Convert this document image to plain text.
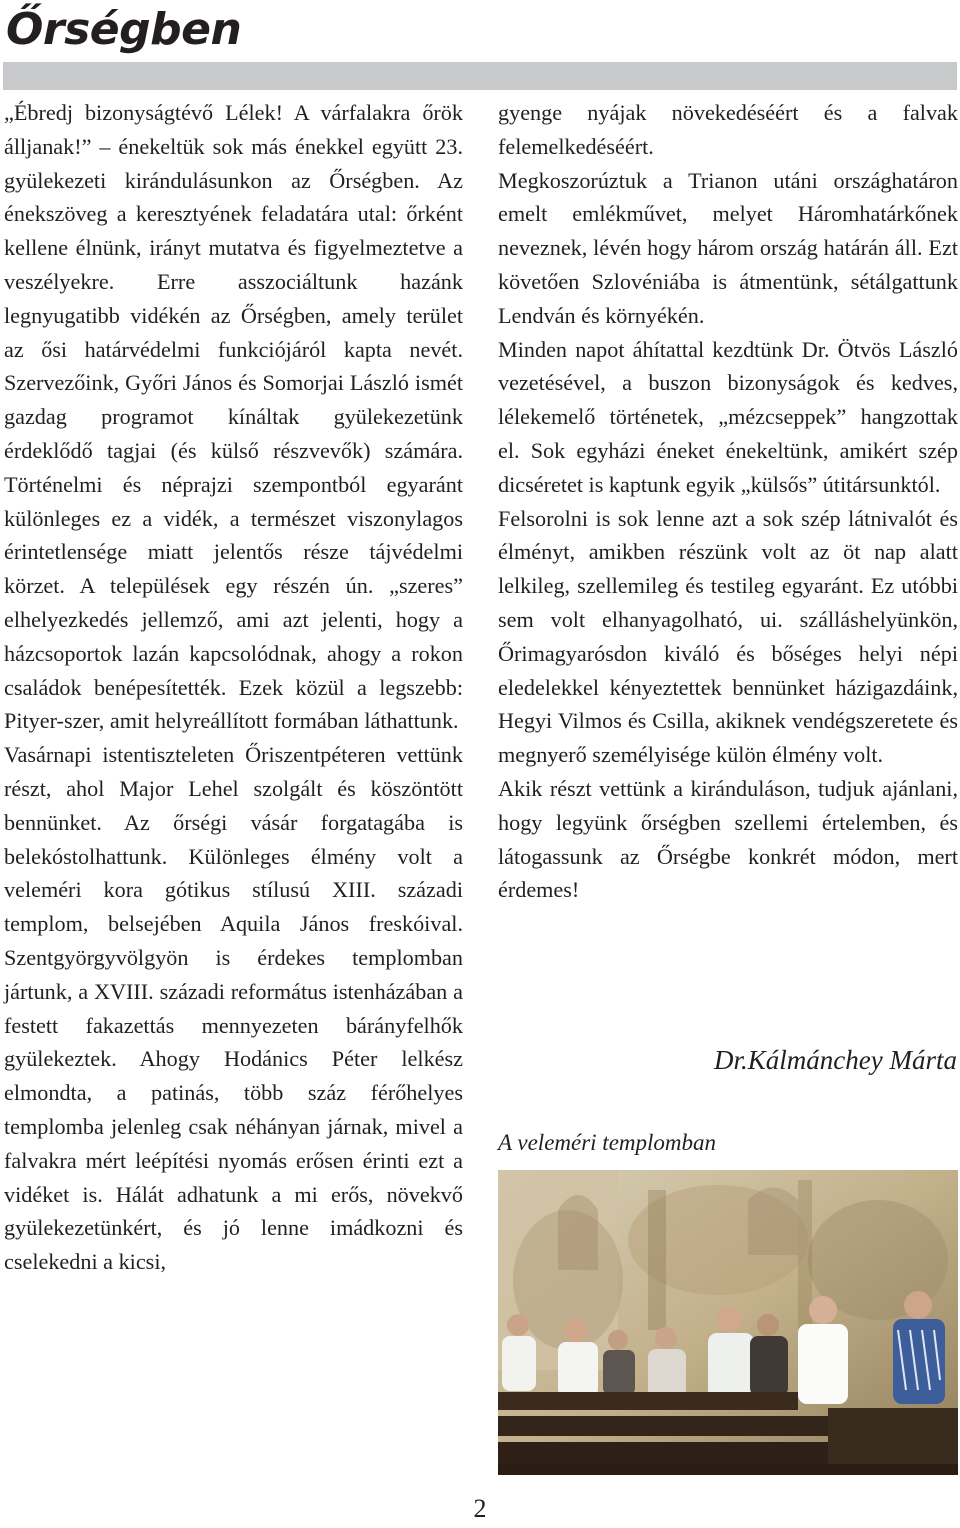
Őrségben

„Ébredj bizonyságtévő Lélek! A várfalakra őrök álljanak!” – énekeltük sok más énekkel együtt 23. gyülekezeti kirándulásunkon az Őrségben. Az énekszöveg a keresztyének feladatára utal: őrként kellene élnünk, irányt mutatva és figyelmeztetve a veszélyekre. Erre asszociáltunk hazánk legnyugatibb vidékén az Őrségben, amely terület az ősi határvédelmi funkciójáról kapta nevét. Szervezőink, Győri János és Somorjai László ismét gazdag programot kínáltak gyülekezetünk érdeklődő tagjai (és külső részvevők) számára. Történelmi és néprajzi szempontból egyaránt különleges ez a vidék, a természet viszonylagos érintetlensége miatt jelentős része tájvédelmi körzet. A települések egy részén ún. „szeres” elhelyezkedés jellemző, ami azt jelenti, hogy a házcsoportok lazán kapcsolódnak, ahogy a rokon családok benépesítették. Ezek közül a legszebb: Pityer-szer, amit helyreállított formában láthattunk.

Vasárnapi istentiszteleten Őriszentpéteren vettünk részt, ahol Major Lehel szolgált és köszöntött bennünket. Az őrségi vásár forgatagába is belekóstolhattunk. Különleges élmény volt a veleméri kora gótikus stílusú XIII. századi templom, belsejében Aquila János freskóival. Szentgyörgyvölgyön is érdekes templomban jártunk, a XVIII. századi református istenházában a festett fakazettás mennyezeten bárányfelhők gyülekeztek. Ahogy Hodánics Péter lelkész elmondta, a patinás, több száz férőhelyes templomba jelenleg csak néhányan járnak, mivel a falvakra mért leépítési nyomás erősen érinti ezt a vidéket is. Hálát adhatunk a mi erős, növekvő gyülekezetünkért, és jó lenne imádkozni és cselekedni a kicsi,

gyenge nyájak növekedéséért és a falvak felemelkedéséért.

Megkoszorúztuk a Trianon utáni országhatáron emelt emlékművet, melyet Háromhatárkőnek neveznek, lévén hogy három ország határán áll. Ezt követően Szlovéniába is átmentünk, sétálgattunk Lendván és környékén.

Minden napot áhítattal kezdtünk Dr. Ötvös László vezetésével, a buszon bizonyságok és kedves, lélekemelő történetek, „mézcseppek” hangzottak el. Sok egyházi éneket énekeltünk, amikért szép dicséretet is kaptunk egyik „külsős” útitársunktól.

Felsorolni is sok lenne azt a sok szép látnivalót és élményt, amikben részünk volt az öt nap alatt lelkileg, szellemileg és testileg egyaránt. Ez utóbbi sem volt elhanyagolható, ui. szálláshelyünkön, Őrimagyarósdon kiváló és bőséges helyi népi eledelekkel kényeztettek bennünket házigazdáink, Hegyi Vilmos és Csilla, akiknek vendégszeretete és megnyerő személyisége külön élmény volt.

Akik részt vettünk a kiránduláson, tudjuk ajánlani, hogy legyünk őrségben szellemi értelemben, és látogassunk az Őrségbe konkrét módon, mert érdemes!

Dr.Kálmánchey Márta
A veleméri templomban
2
